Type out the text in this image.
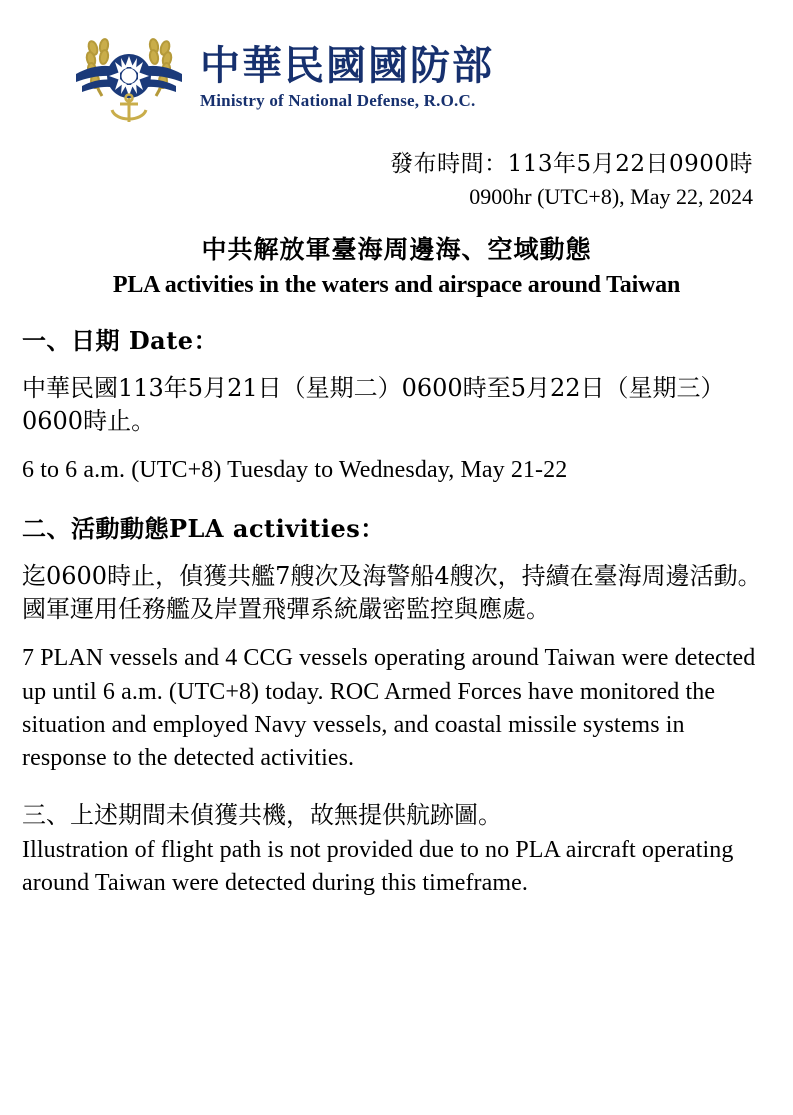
中華民國國防部
Ministry of National Defense, R.O.C.
發布時間：113年5月22日0900時
0900hr (UTC+8), May 22, 2024
中共解放軍臺海周邊海、空域動態
PLA activities in the waters and airspace around Taiwan
一、日期 Date：
中華民國113年5月21日（星期二）0600時至5月22日（星期三）0600時止。
6 to 6 a.m. (UTC+8) Tuesday to Wednesday, May 21-22
二、活動動態PLA activities：
迄0600時止，偵獲共艦7艘次及海警船4艘次，持續在臺海周邊活動。國軍運用任務艦及岸置飛彈系統嚴密監控與應處。
7 PLAN vessels and 4 CCG vessels operating around Taiwan were detected up until 6 a.m. (UTC+8) today. ROC Armed Forces have monitored the situation and employed Navy vessels, and coastal missile systems in response to the detected activities.
三、上述期間未偵獲共機，故無提供航跡圖。
Illustration of flight path is not provided due to no PLA aircraft operating around Taiwan were detected during this timeframe.
